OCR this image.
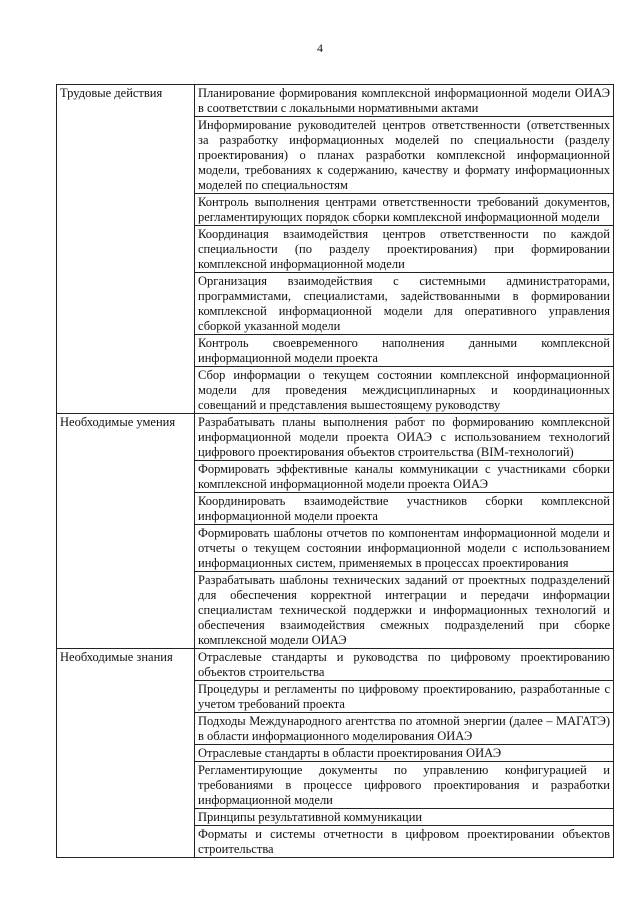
4
Трудовые действия	Планирование формирования комплексной информационной модели ОИАЭ в соответствии с локальными нормативными актами
	Информирование руководителей центров ответственности (ответственных за разработку информационных моделей по специальности (разделу проектирования) о планах разработки комплексной информационной модели, требованиях к содержанию, качеству и формату информационных моделей по специальностям
	Контроль выполнения центрами ответственности требований документов, регламентирующих порядок сборки комплексной информационной модели
	Координация взаимодействия центров ответственности по каждой специальности (по разделу проектирования) при формировании комплексной информационной модели
	Организация взаимодействия с системными администраторами, программистами, специалистами, задействованными в формировании комплексной информационной модели для оперативного управления сборкой указанной модели
	Контроль своевременного наполнения данными комплексной информационной модели проекта
	Сбор информации о текущем состоянии комплексной информационной модели для проведения междисциплинарных и координационных совещаний и представления вышестоящему руководству
Необходимые умения	Разрабатывать планы выполнения работ по формированию комплексной информационной модели проекта ОИАЭ с использованием технологий цифрового проектирования объектов строительства (BIM-технологий)
	Формировать эффективные каналы коммуникации с участниками сборки комплексной информационной модели проекта ОИАЭ
	Координировать взаимодействие участников сборки комплексной информационной модели проекта
	Формировать шаблоны отчетов по компонентам информационной модели и отчеты о текущем состоянии информационной модели с использованием информационных систем, применяемых в процессах проектирования
	Разрабатывать шаблоны технических заданий от проектных подразделений для обеспечения корректной интеграции и передачи информации специалистам технической поддержки и информационных технологий и обеспечения взаимодействия смежных подразделений при сборке комплексной модели ОИАЭ
Необходимые знания	Отраслевые стандарты и руководства по цифровому проектированию объектов строительства
	Процедуры и регламенты по цифровому проектированию, разработанные с учетом требований проекта
	Подходы Международного агентства по атомной энергии (далее – МАГАТЭ) в области информационного моделирования ОИАЭ
	Отраслевые стандарты в области проектирования ОИАЭ
	Регламентирующие документы по управлению конфигурацией и требованиями в процессе цифрового проектирования и разработки информационной модели
	Принципы результативной коммуникации
	Форматы и системы отчетности в цифровом проектировании объектов строительства
